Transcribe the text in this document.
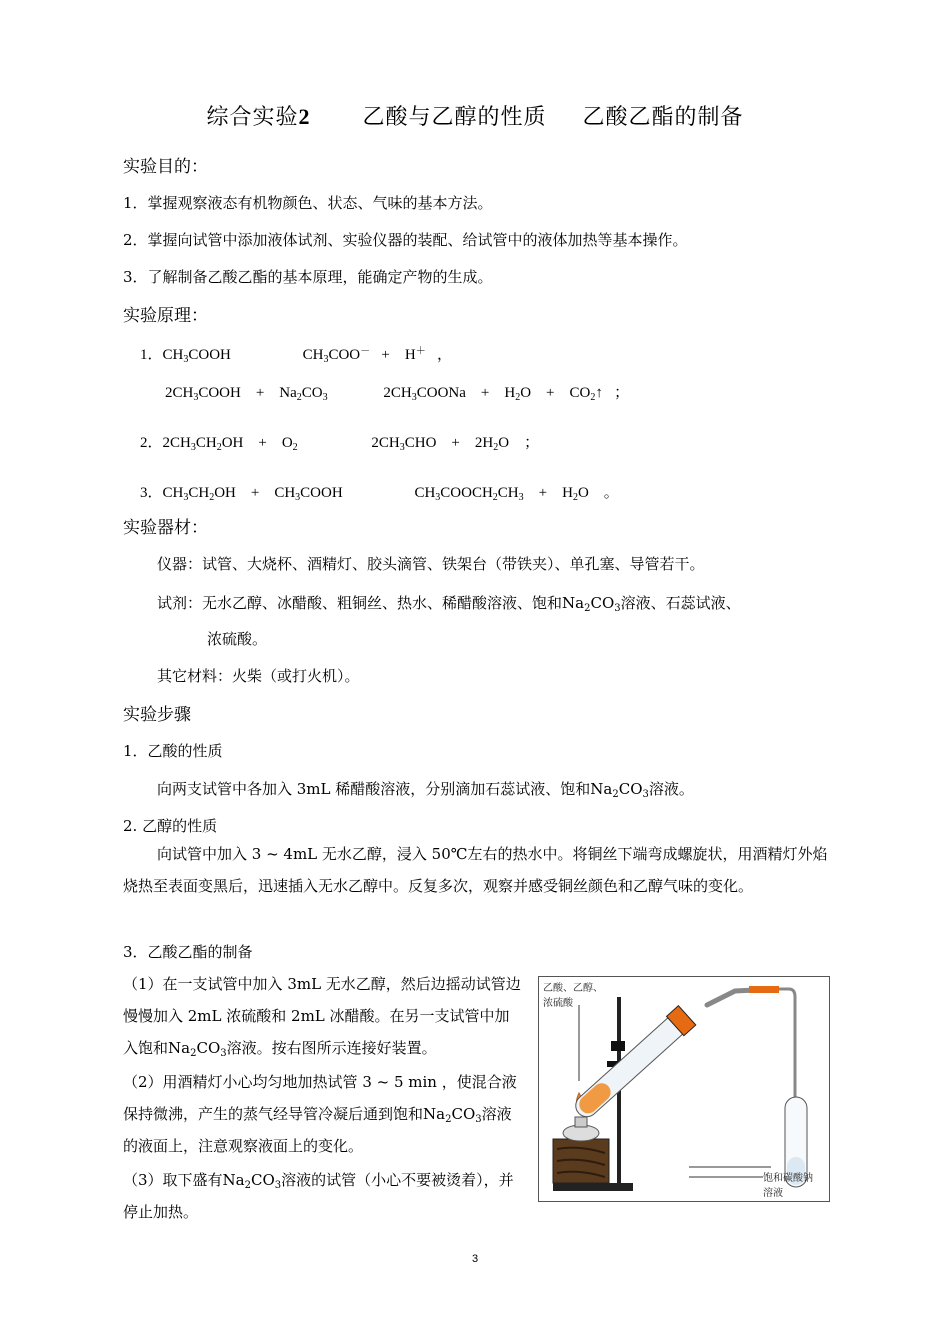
综合实验2 乙酸与乙醇的性质 乙酸乙酯的制备
实验目的：
1．掌握观察液态有机物颜色、状态、气味的基本方法。
2．掌握向试管中添加液体试剂、实验仪器的装配、给试管中的液体加热等基本操作。
3．了解制备乙酸乙酯的基本原理，能确定产物的生成。
实验原理：
1．$CH_3COOH$	$CH_3COO^-$   +    H＋ ，
$2CH_3COOH$    +    $Na_2CO_3$	$2CH_3COONa$    +    $H_2O$    +    $CO_2↑$   ；
2．$2CH_3CH_2OH$    +    $O_2$	$2CH_3CHO$    +    $2H_2O$    ；
3．$CH_3CH_2OH$    +    $CH_3COOH$	$CH_3COOCH_2CH_3$    +    $H_2O$    。
实验器材：
仪器：试管、大烧杯、酒精灯、胶头滴管、铁架台（带铁夹）、单孔塞、导管若干。
试剂：无水乙醇、冰醋酸、粗铜丝、热水、稀醋酸溶液、饱和$Na_2CO_3$溶液、石蕊试液、
浓硫酸。
其它材料：火柴（或打火机）。
实验步骤
1．乙酸的性质
向两支试管中各加入 3mL 稀醋酸溶液，分别滴加石蕊试液、饱和$Na_2CO_3$溶液。
2. 乙醇的性质
向试管中加入 3 ~ 4mL 无水乙醇，浸入 50℃左右的热水中。将铜丝下端弯成螺旋状，用酒精灯外焰烧热至表面变黑后，迅速插入无水乙醇中。反复多次，观察并感受铜丝颜色和乙醇气味的变化。
3．乙酸乙酯的制备
（1）在一支试管中加入 3mL 无水乙醇，然后边摇动试管边慢慢加入 2mL 浓硫酸和 2mL 冰醋酸。在另一支试管中加入饱和$Na_2CO_3$溶液。按右图所示连接好装置。
（2）用酒精灯小心均匀地加热试管 3 ~ 5 min ，使混合液保持微沸，产生的蒸气经导管冷凝后通到饱和$Na_2CO_3$溶液的液面上，注意观察液面上的变化。
（3）取下盛有$Na_2CO_3$溶液的试管（小心不要被烫着），并停止加热。
乙酸、乙醇、
浓硫酸
饱和碳酸钠
溶液
3
